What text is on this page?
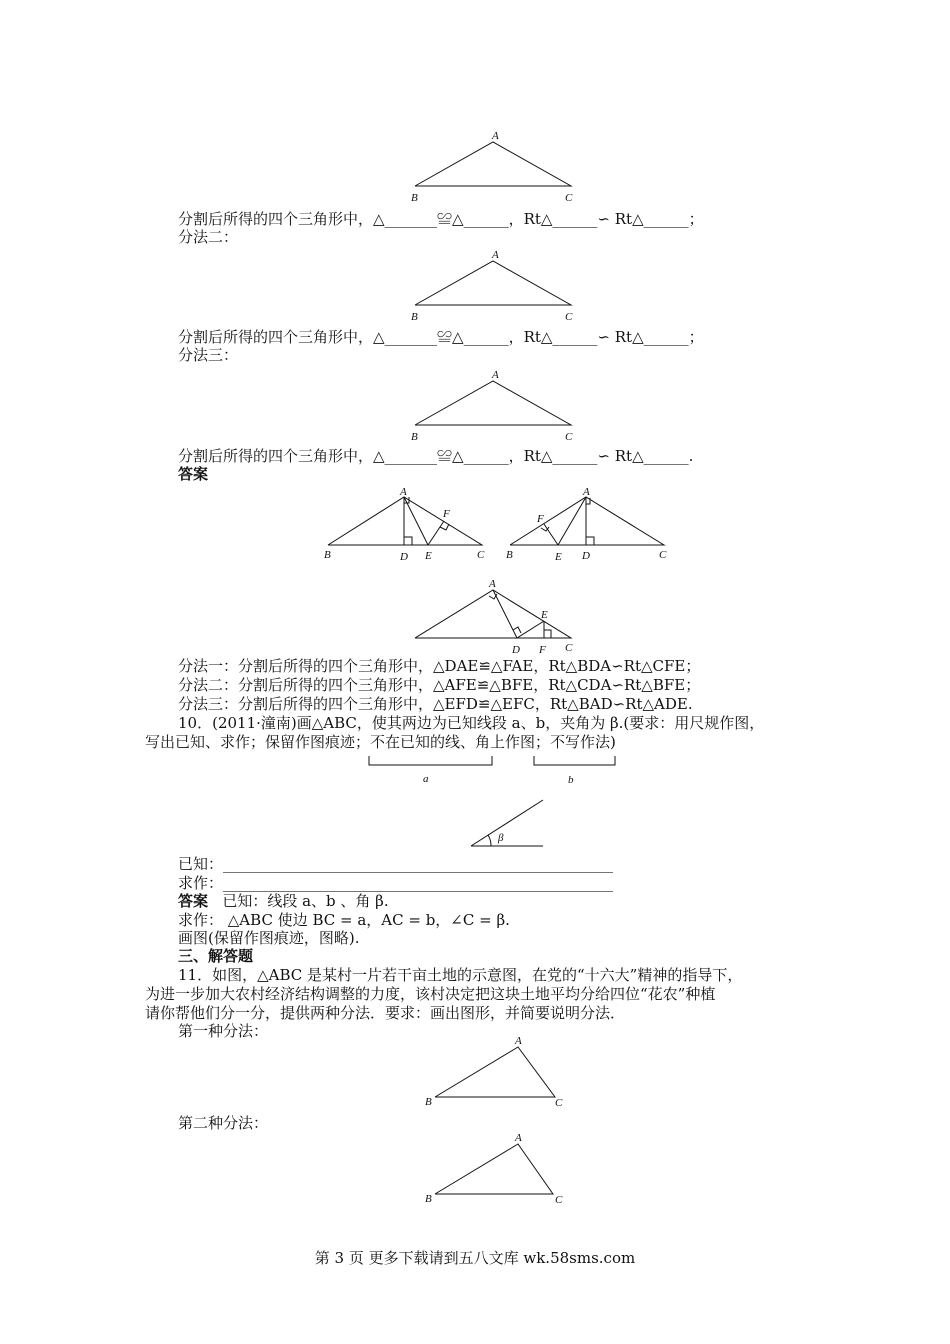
A
B	C
分割后所得的四个三角形中，△_______≌△______，Rt△______∽ Rt△______；
分法二：
A
B	C
分割后所得的四个三角形中，△_______≌△______，Rt△______∽ Rt△______；
分法三：
A
B	C
分割后所得的四个三角形中，△_______≌△______，Rt△______∽ Rt△______.
答案
A
F
B	D E	C
A
F
B	E D	C
A
E
D F C
分法一：分割后所得的四个三角形中，△DAE≌△FAE，Rt△BDA∽Rt△CFE；
分法二：分割后所得的四个三角形中，△AFE≌△BFE，Rt△CDA∽Rt△BFE；
分法三：分割后所得的四个三角形中，△EFD≌△EFC，Rt△BAD∽Rt△ADE.
10．(2011·潼南)画△ABC，使其两边为已知线段 a、b，夹角为 β.(要求：用尺规作图，
写出已知、求作；保留作图痕迹；不在已知的线、角上作图；不写作法)
a	b
β
已知：____________________________________________________
求作：____________________________________________________
答案 已知：线段 a、b 、角 β.
求作： △ABC 使边 BC = a，AC = b，∠C = β.
画图(保留作图痕迹，图略).
三、解答题
11．如图，△ABC 是某村一片若干亩土地的示意图，在党的“十六大”精神的指导下，
为进一步加大农村经济结构调整的力度，该村决定把这块土地平均分给四位“花农”种植
请你帮他们分一分，提供两种分法．要求：画出图形，并简要说明分法．
第一种分法：
A
B	C
第二种分法：
A
B	C
第 3 页 更多下载请到五八文库 wk.58sms.com
